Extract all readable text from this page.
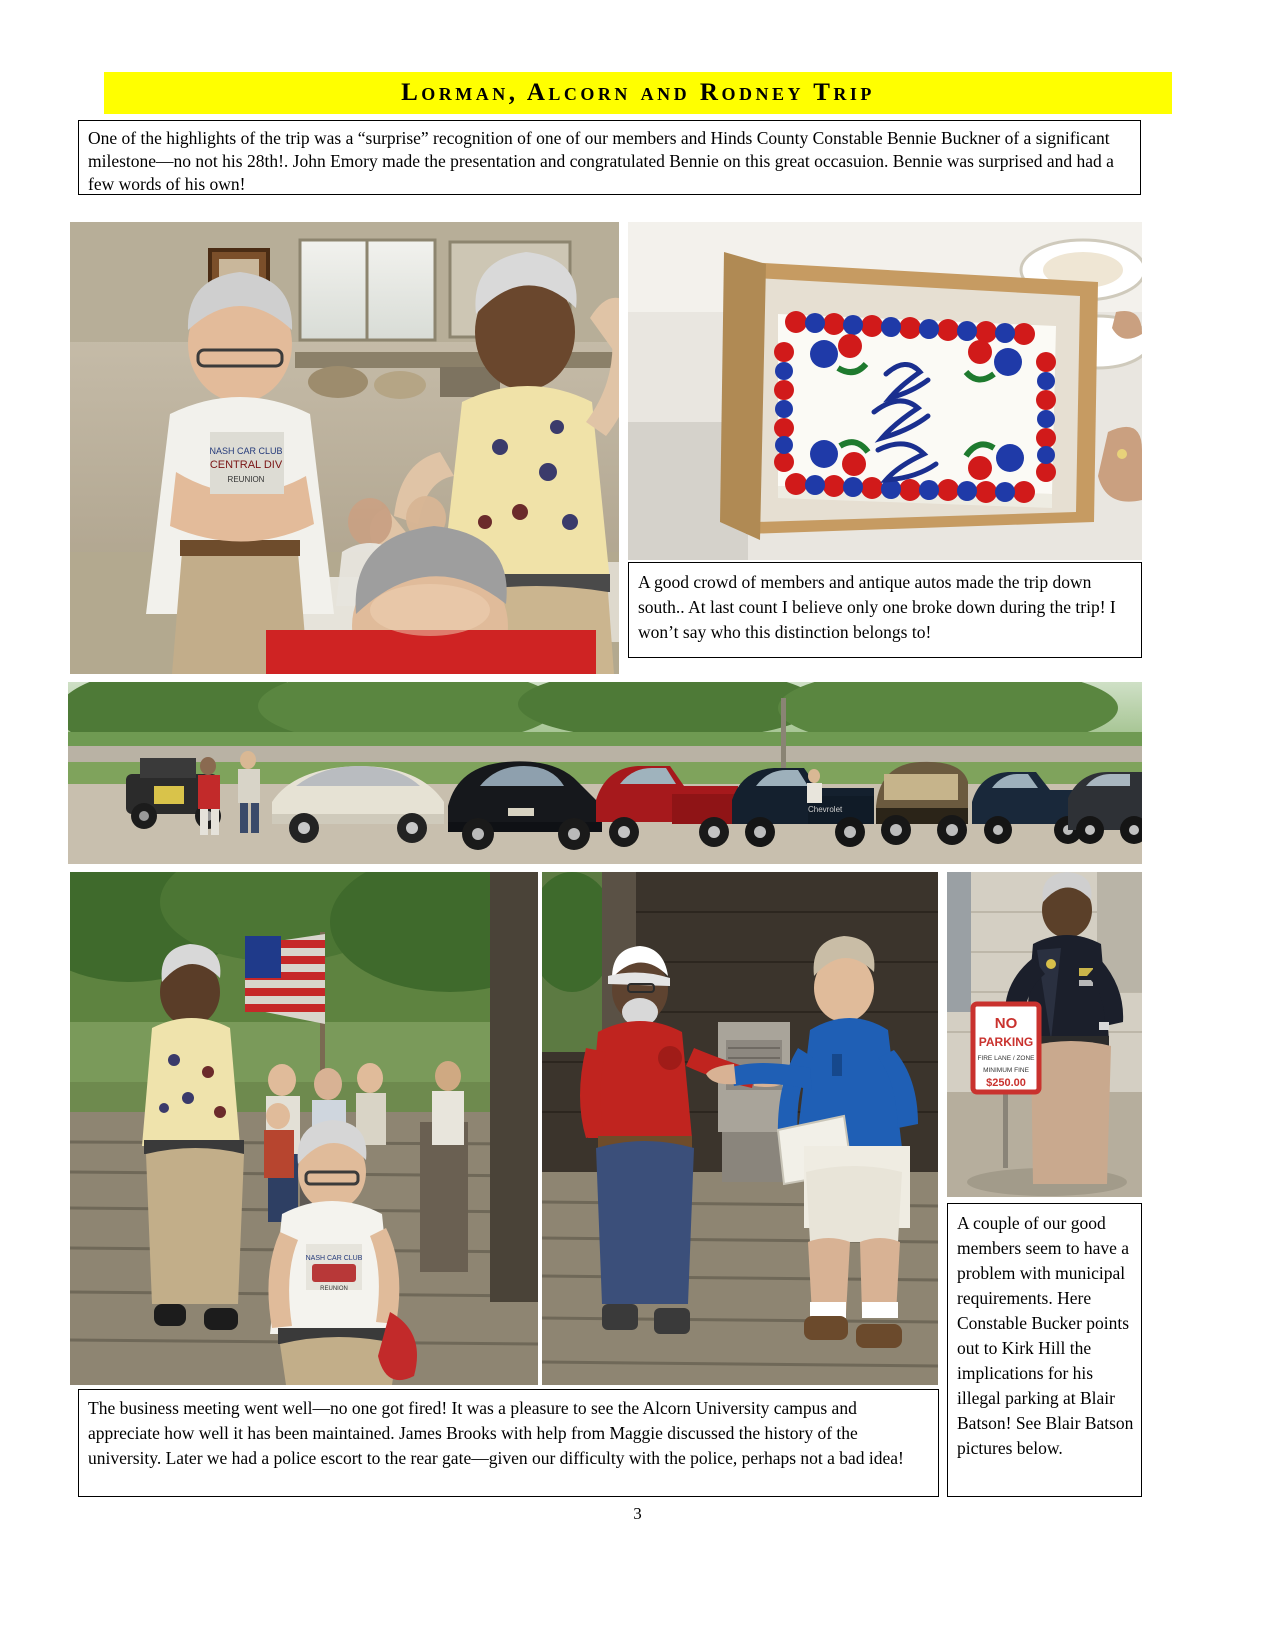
Lorman, Alcorn and Rodney Trip

One of the highlights of the trip was a “surprise” recognition of one of our members and Hinds County Constable Bennie Buckner of a significant milestone—no not his 28th!. John Emory made the presentation and congratulated Bennie on this great occasuion. Bennie was surprised and had a few words of his own!

NASH CAR CLUB
CENTRAL DIV
REUNION

A good crowd of members and antique autos made the trip down south.. At last count I believe only one broke down during the trip! I won’t say who this distinction belongs to!

Chevrolet
NASH CAR CLUB
REUNION
NO
PARKING
FIRE LANE / ZONE
MINIMUM FINE
$250.00

A couple of our good members seem to have a problem with municipal requirements. Here Constable Bucker points out to Kirk Hill the implications for his illegal parking at Blair Batson! See Blair Batson pictures below.

The business meeting went well—no one got fired! It was a pleasure to see the Alcorn University campus and appreciate how well it has been maintained. James Brooks with help from Maggie discussed the history of the university. Later we had a police escort to the rear gate—given our difficulty with the police, perhaps not a bad idea!

3
